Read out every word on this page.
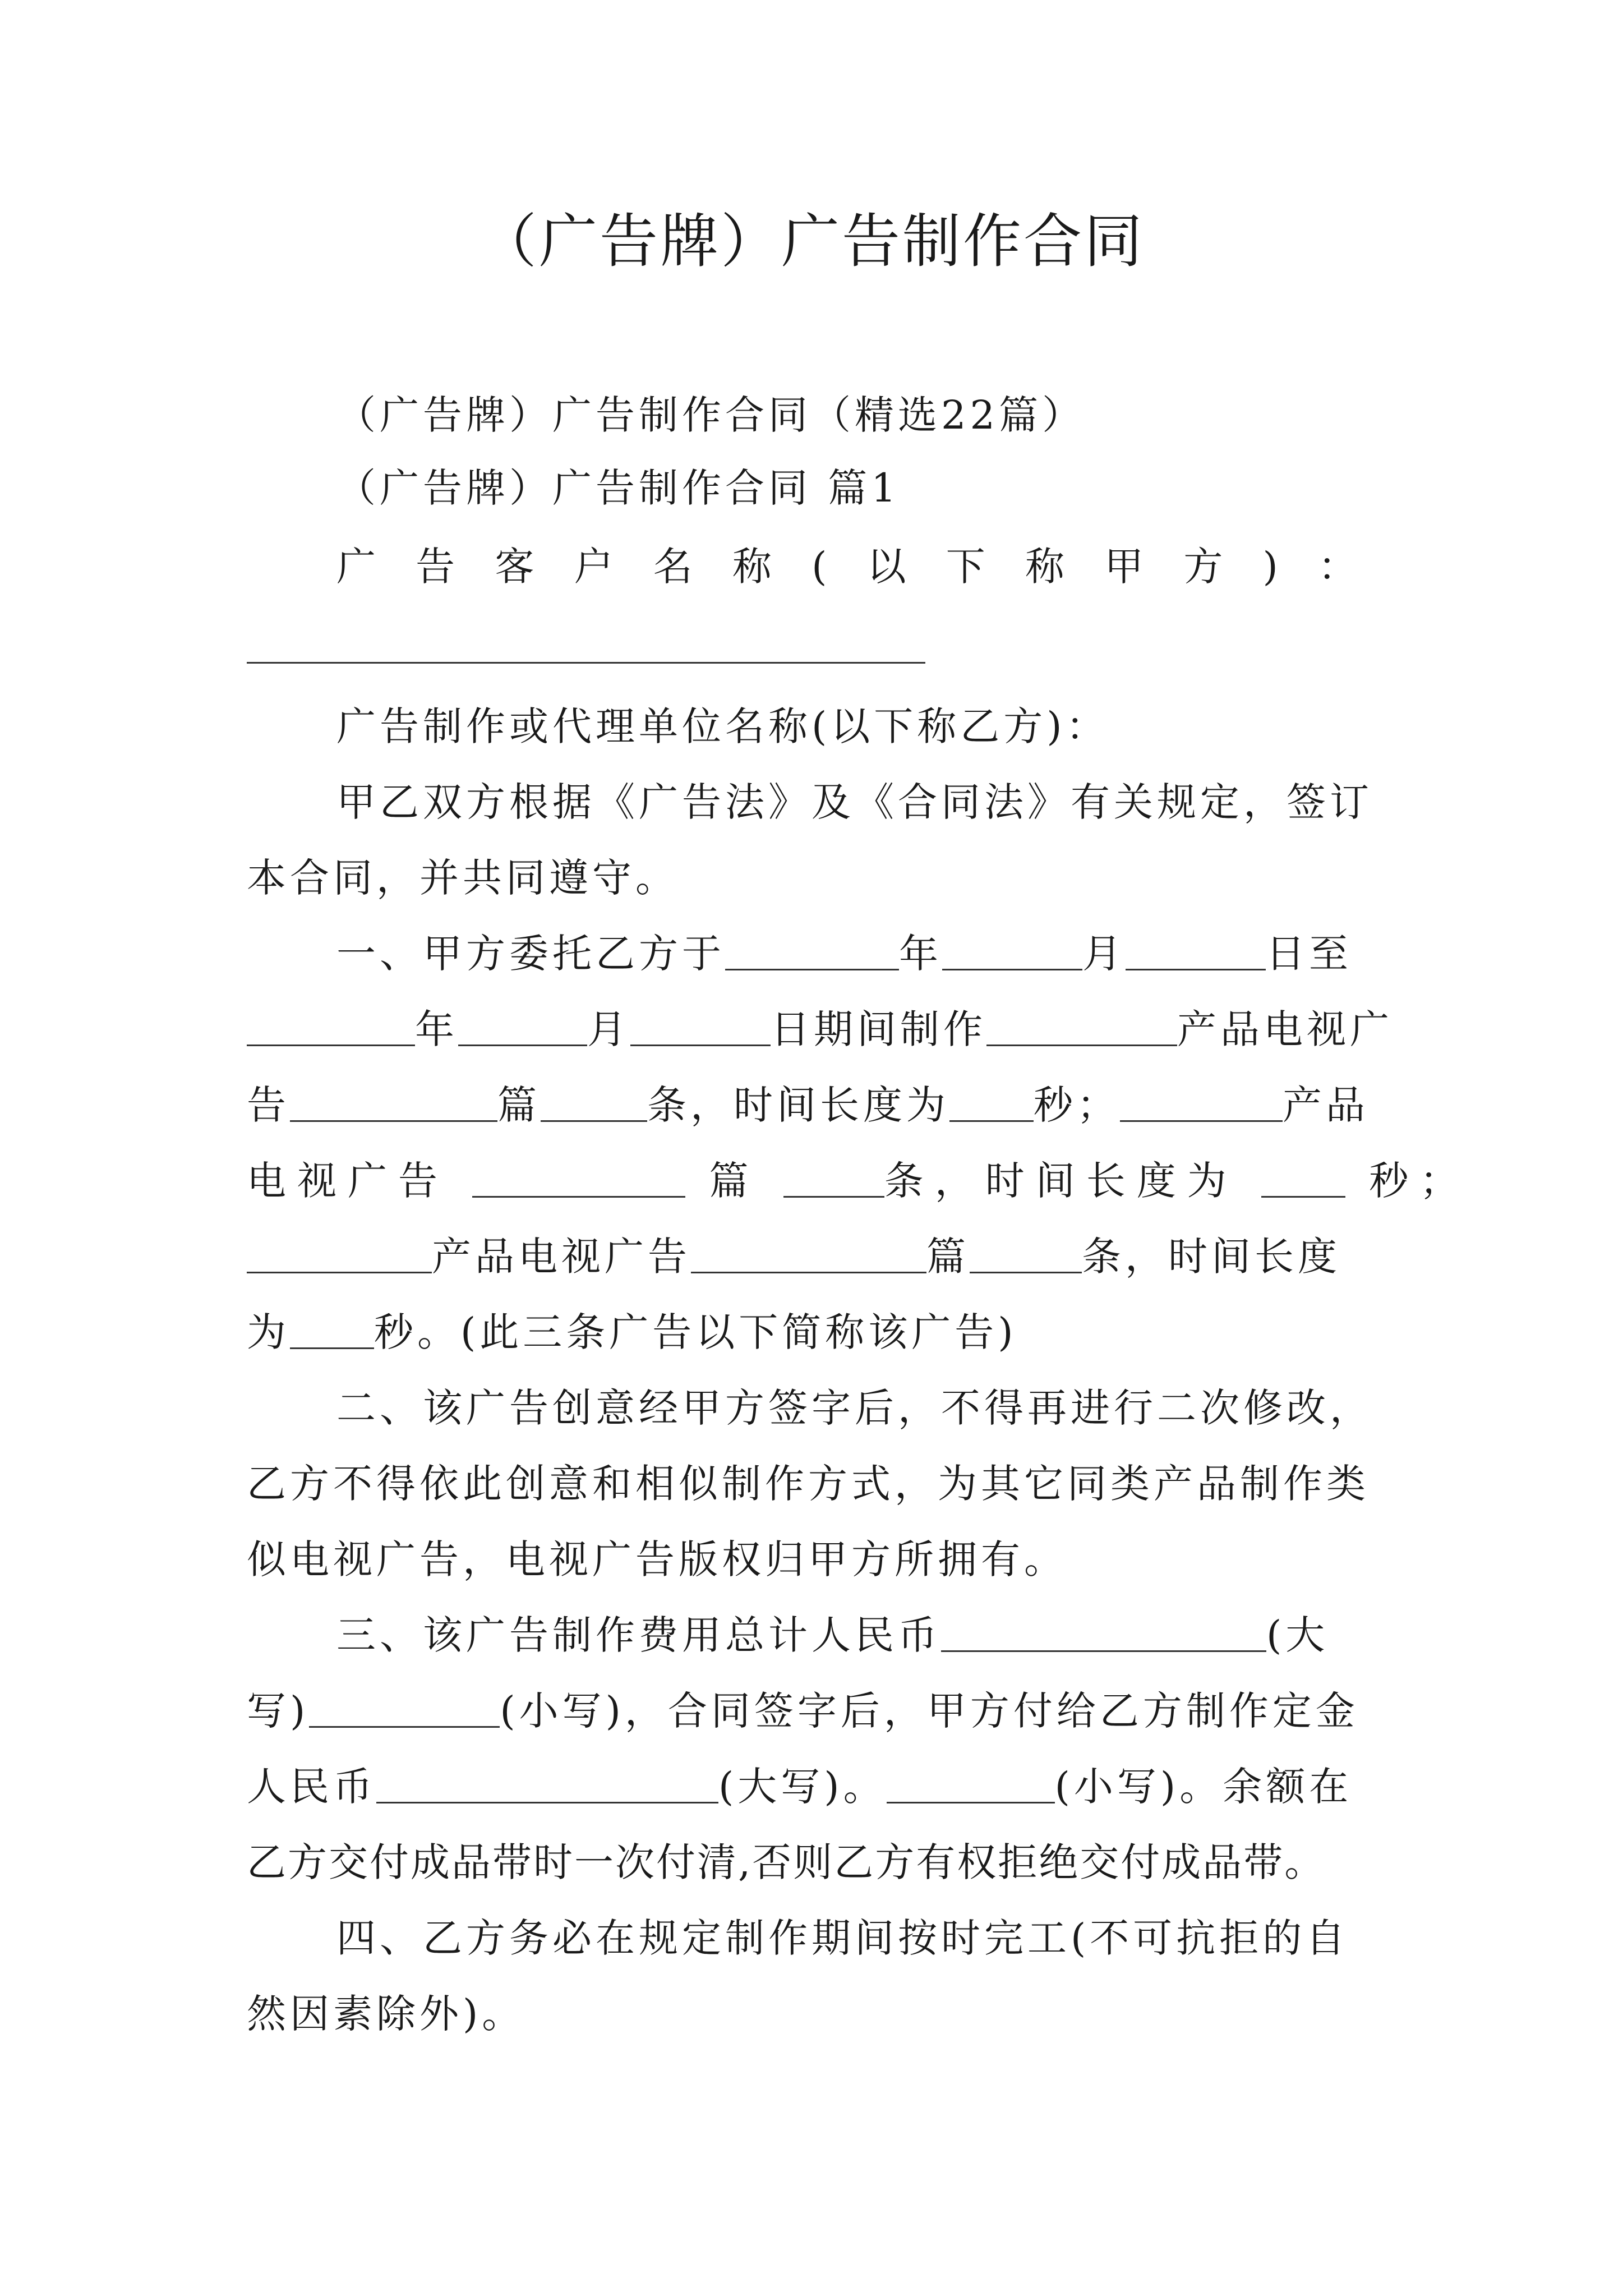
（广告牌）广告制作合同
（广告牌）广告制作合同（精选22篇）
（广告牌）广告制作合同 篇1
广告客户名称(以下称甲方)：
广告制作或代理单位名称(以下称乙方)：
甲乙双方根据《广告法》及《合同法》有关规定，签订
本合同，并共同遵守。
一、甲方委托乙方于	年	月	日至
年	月	日期间制作	产品电视广
告	篇	条，时间长度为 秒；	产品
电视广告	篇	条，时间长度为	秒；
产品电视广告	篇	条，时间长度
为 秒。(此三条广告以下简称该广告)
二、该广告创意经甲方签字后，不得再进行二次修改，
乙方不得依此创意和相似制作方式，为其它同类产品制作类
似电视广告，电视广告版权归甲方所拥有。
三、该广告制作费用总计人民币	(大
写)	(小写)，合同签字后，甲方付给乙方制作定金
人民币	(大写)。	(小写)。余额在
乙方交付成品带时一次付清,否则乙方有权拒绝交付成品带。
四、乙方务必在规定制作期间按时完工(不可抗拒的自
然因素除外)。
